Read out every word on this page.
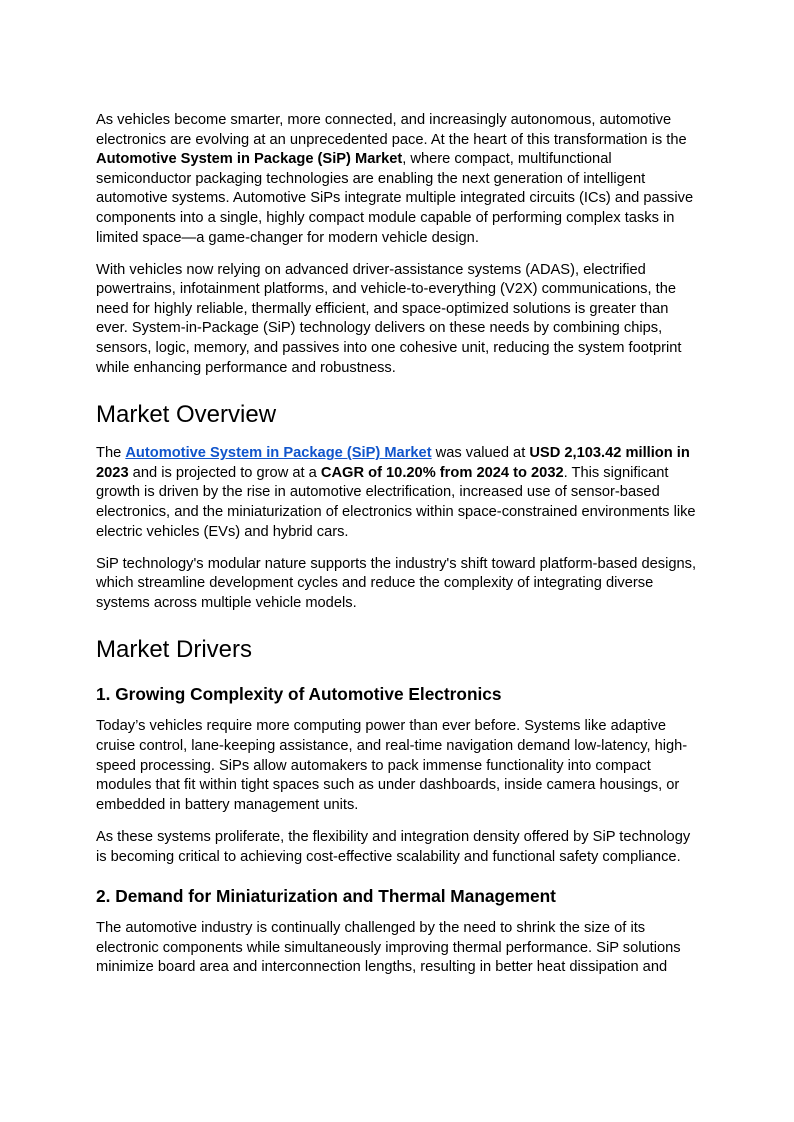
As vehicles become smarter, more connected, and increasingly autonomous, automotive electronics are evolving at an unprecedented pace. At the heart of this transformation is the Automotive System in Package (SiP) Market, where compact, multifunctional semiconductor packaging technologies are enabling the next generation of intelligent automotive systems. Automotive SiPs integrate multiple integrated circuits (ICs) and passive components into a single, highly compact module capable of performing complex tasks in limited space—a game-changer for modern vehicle design.

With vehicles now relying on advanced driver-assistance systems (ADAS), electrified powertrains, infotainment platforms, and vehicle-to-everything (V2X) communications, the need for highly reliable, thermally efficient, and space-optimized solutions is greater than ever. System-in-Package (SiP) technology delivers on these needs by combining chips, sensors, logic, memory, and passives into one cohesive unit, reducing the system footprint while enhancing performance and robustness.

Market Overview

The Automotive System in Package (SiP) Market was valued at USD 2,103.42 million in 2023 and is projected to grow at a CAGR of 10.20% from 2024 to 2032. This significant growth is driven by the rise in automotive electrification, increased use of sensor-based electronics, and the miniaturization of electronics within space-constrained environments like electric vehicles (EVs) and hybrid cars.

SiP technology's modular nature supports the industry's shift toward platform-based designs, which streamline development cycles and reduce the complexity of integrating diverse systems across multiple vehicle models.

Market Drivers
1. Growing Complexity of Automotive Electronics

Today’s vehicles require more computing power than ever before. Systems like adaptive cruise control, lane-keeping assistance, and real-time navigation demand low-latency, high-speed processing. SiPs allow automakers to pack immense functionality into compact modules that fit within tight spaces such as under dashboards, inside camera housings, or embedded in battery management units.

As these systems proliferate, the flexibility and integration density offered by SiP technology is becoming critical to achieving cost-effective scalability and functional safety compliance.

2. Demand for Miniaturization and Thermal Management

The automotive industry is continually challenged by the need to shrink the size of its electronic components while simultaneously improving thermal performance. SiP solutions minimize board area and interconnection lengths, resulting in better heat dissipation and
